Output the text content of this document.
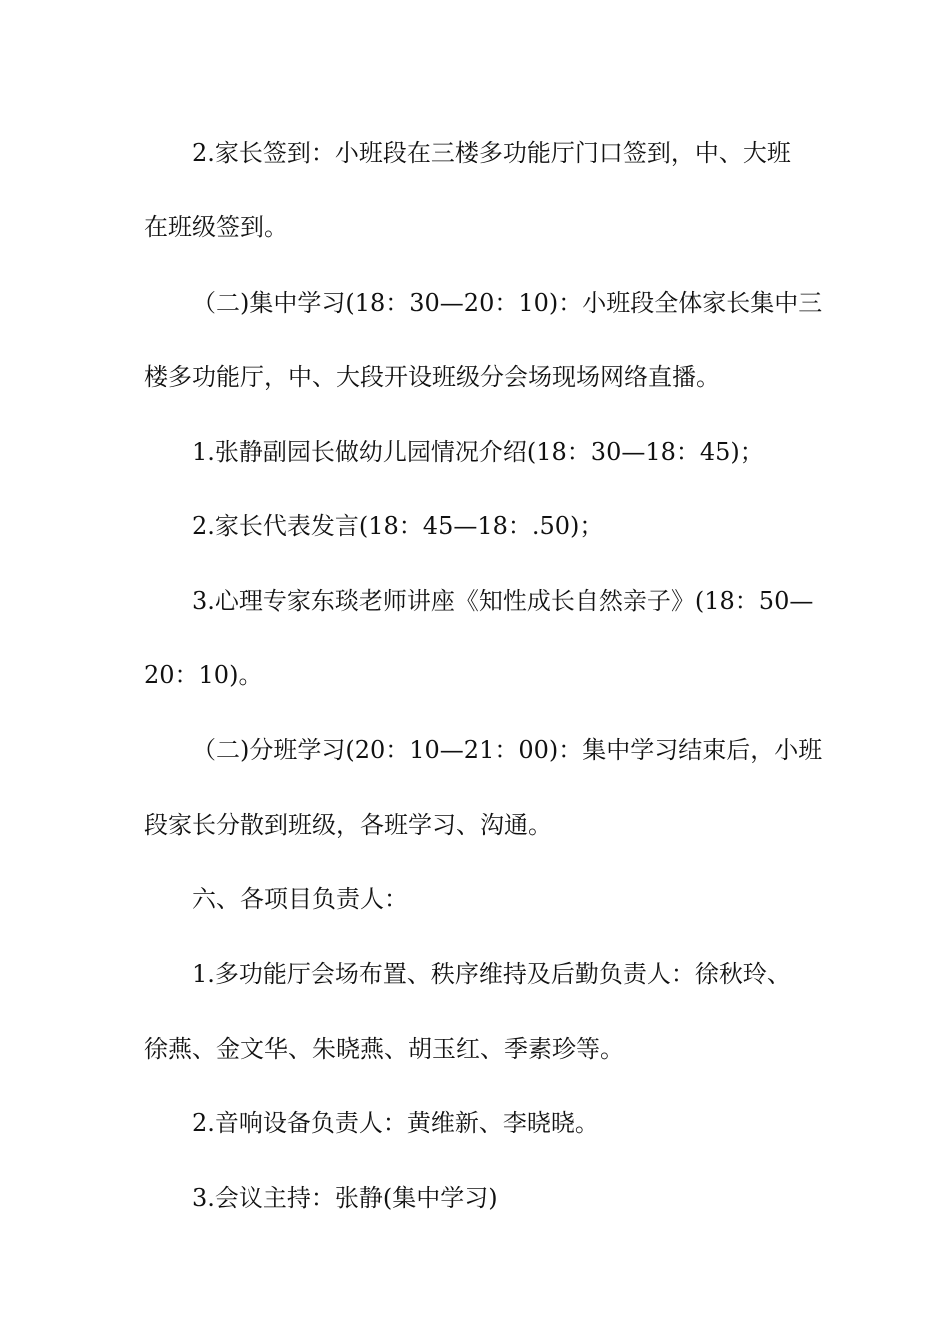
2.家长签到：小班段在三楼多功能厅门口签到，中、大班
在班级签到。
（二)集中学习(18：30—20：10)：小班段全体家长集中三
楼多功能厅，中、大段开设班级分会场现场网络直播。
1.张静副园长做幼儿园情况介绍(18：30—18：45)；
2.家长代表发言(18：45—18：.50)；
3.心理专家东琰老师讲座《知性成长自然亲子》(18：50—
20：10)。
（二)分班学习(20：10—21：00)：集中学习结束后，小班
段家长分散到班级，各班学习、沟通。
六、各项目负责人：
1.多功能厅会场布置、秩序维持及后勤负责人：徐秋玲、
徐燕、金文华、朱晓燕、胡玉红、季素珍等。
2.音响设备负责人：黄维新、李晓晓。
3.会议主持：张静(集中学习)
